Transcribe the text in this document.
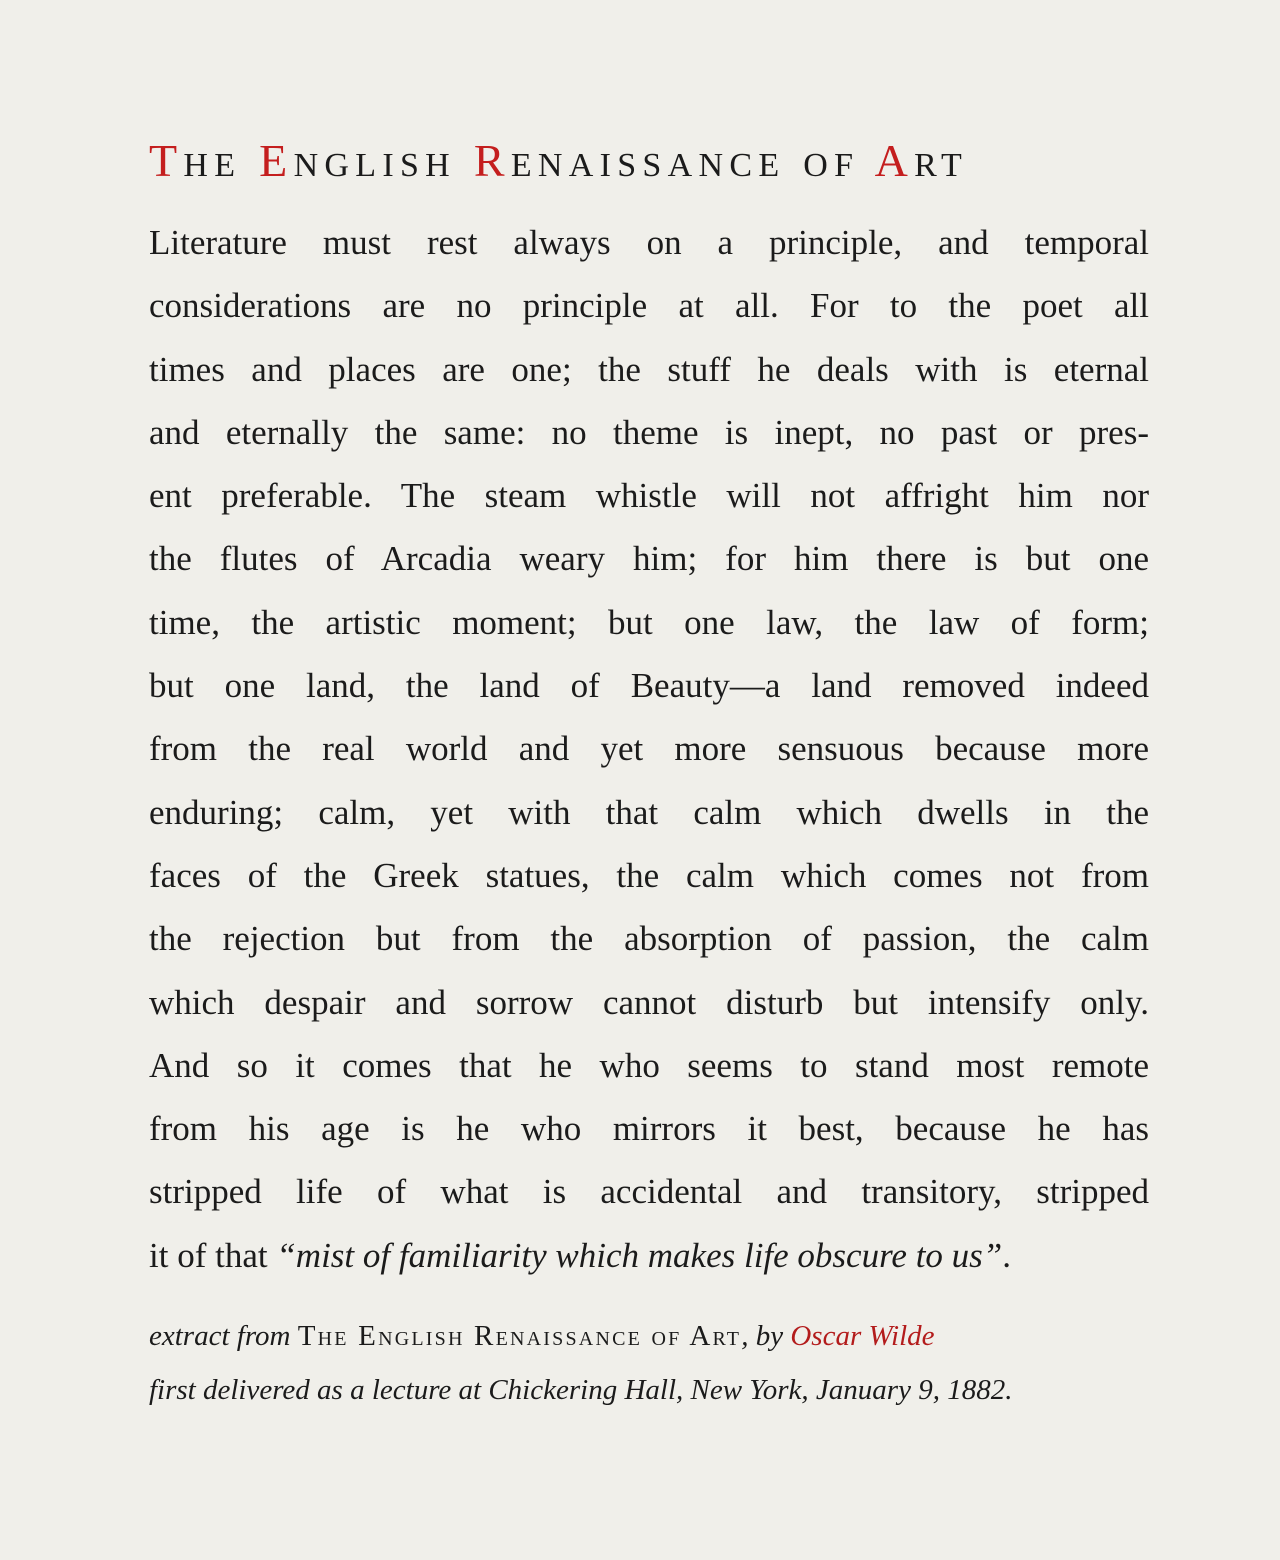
THE ENGLISH RENAISSANCE OF ART
Literature must rest always on a principle, and temporal
considerations are no principle at all. For to the poet all
times and places are one; the stuff he deals with is eternal
and eternally the same: no theme is inept, no past or pres-
ent preferable. The steam whistle will not affright him nor
the flutes of Arcadia weary him; for him there is but one
time, the artistic moment; but one law, the law of form;
but one land, the land of Beauty—a land removed indeed
from the real world and yet more sensuous because more
enduring; calm, yet with that calm which dwells in the
faces of the Greek statues, the calm which comes not from
the rejection but from the absorption of passion, the calm
which despair and sorrow cannot disturb but intensify only.
And so it comes that he who seems to stand most remote
from his age is he who mirrors it best, because he has
stripped life of what is accidental and transitory, stripped
it of that “mist of familiarity which makes life obscure to us”.
extract from The English Renaissance of Art, by Oscar Wilde
first delivered as a lecture at Chickering Hall, New York, January 9, 1882.
